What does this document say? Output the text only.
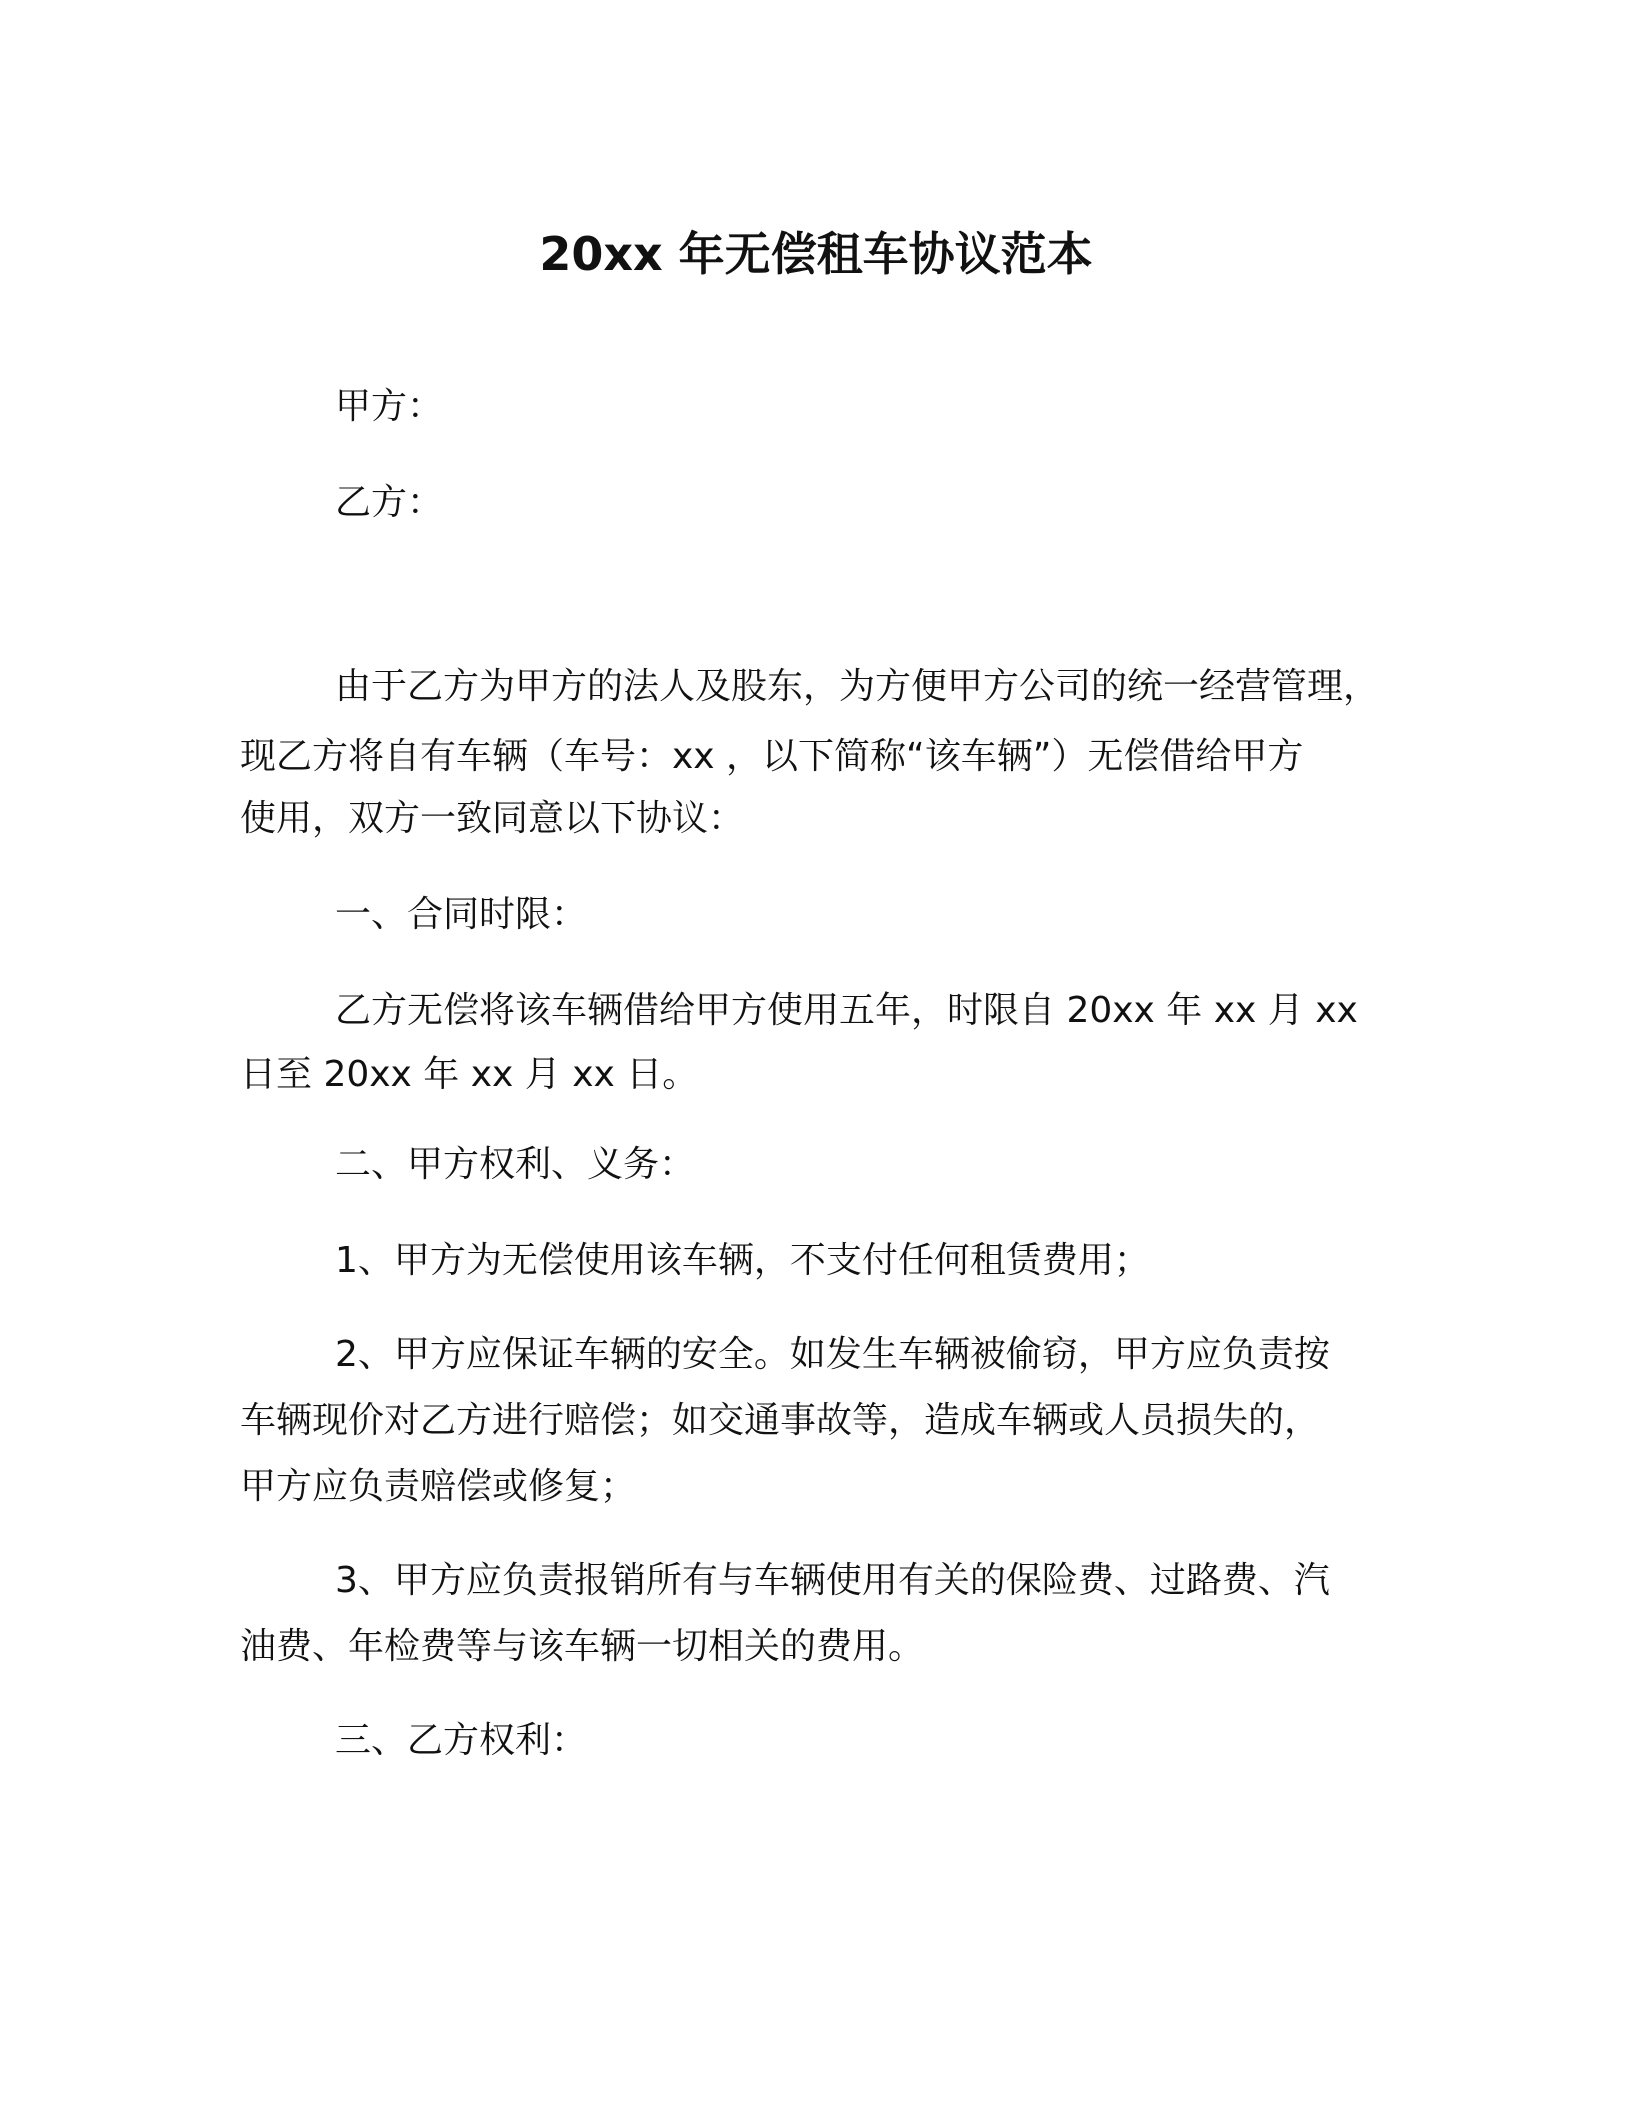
20xx 年无偿租车协议范本
甲方：
乙方：
由于乙方为甲方的法人及股东，为方便甲方公司的统一经营管理，
现乙方将自有车辆（车号：xx ，以下简称“该车辆”）无偿借给甲方
使用，双方一致同意以下协议：
一、合同时限：
乙方无偿将该车辆借给甲方使用五年，时限自 20xx 年 xx 月 xx
日至 20xx 年 xx 月 xx 日。
二、甲方权利、义务：
1、甲方为无偿使用该车辆，不支付任何租赁费用；
2、甲方应保证车辆的安全。如发生车辆被偷窃，甲方应负责按
车辆现价对乙方进行赔偿；如交通事故等，造成车辆或人员损失的，
甲方应负责赔偿或修复；
3、甲方应负责报销所有与车辆使用有关的保险费、过路费、汽
油费、年检费等与该车辆一切相关的费用。
三、乙方权利：
